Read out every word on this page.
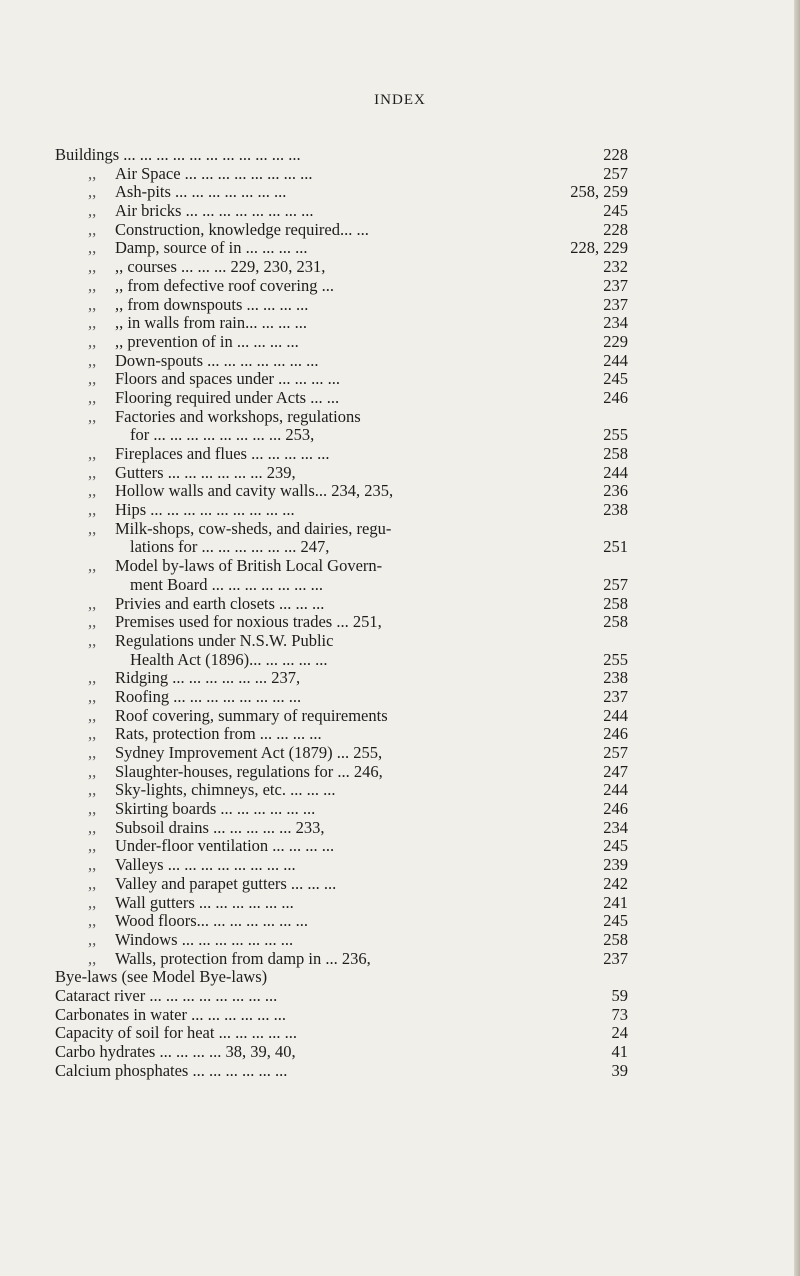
INDEX
Buildings ... ... ... ... ... ... ... ... ... ... ...	228
,, Air Space ... ... ... ... ... ... ... ...	257
,, Ash-pits ... ... ... ... ... ... ...	258, 259
,, Air bricks ... ... ... ... ... ... ... ...	245
,, Construction, knowledge required... ...	228
,, Damp, source of in ... ... ... ...	228, 229
,, ,, courses ... ... ... 229, 230, 231,	232
,, ,, from defective roof covering ...	237
,, ,, from downspouts ... ... ... ...	237
,, ,, in walls from rain... ... ... ...	234
,, ,, prevention of in ... ... ... ...	229
,, Down-spouts ... ... ... ... ... ... ...	244
,, Floors and spaces under ... ... ... ...	245
,, Flooring required under Acts ... ...	246
,, Factories and workshops, regulations
for ... ... ... ... ... ... ... ... 253,	255
,, Fireplaces and flues ... ... ... ... ...	258
,, Gutters ... ... ... ... ... ... 239,	244
,, Hollow walls and cavity walls... 234, 235,	236
,, Hips ... ... ... ... ... ... ... ... ...	238
,, Milk-shops, cow-sheds, and dairies, regu-
lations for ... ... ... ... ... ... 247,	251
,, Model by-laws of British Local Govern-
ment Board ... ... ... ... ... ... ...	257
,, Privies and earth closets ... ... ...	258
,, Premises used for noxious trades ... 251,	258
,, Regulations under N.S.W. Public
Health Act (1896)... ... ... ... ...	255
,, Ridging ... ... ... ... ... ... 237,	238
,, Roofing ... ... ... ... ... ... ... ...	237
,, Roof covering, summary of requirements	244
,, Rats, protection from ... ... ... ...	246
,, Sydney Improvement Act (1879) ... 255,	257
,, Slaughter-houses, regulations for ... 246,	247
,, Sky-lights, chimneys, etc. ... ... ...	244
,, Skirting boards ... ... ... ... ... ...	246
,, Subsoil drains ... ... ... ... ... 233,	234
,, Under-floor ventilation ... ... ... ...	245
,, Valleys ... ... ... ... ... ... ... ...	239
,, Valley and parapet gutters ... ... ...	242
,, Wall gutters ... ... ... ... ... ...	241
,, Wood floors... ... ... ... ... ... ...	245
,, Windows ... ... ... ... ... ... ...	258
,, Walls, protection from damp in ... 236,	237
Bye-laws (see Model Bye-laws)
Cataract river ... ... ... ... ... ... ... ...	59
Carbonates in water ... ... ... ... ... ...	73
Capacity of soil for heat ... ... ... ... ...	24
Carbo hydrates ... ... ... ... 38, 39, 40,	41
Calcium phosphates ... ... ... ... ... ...	39
